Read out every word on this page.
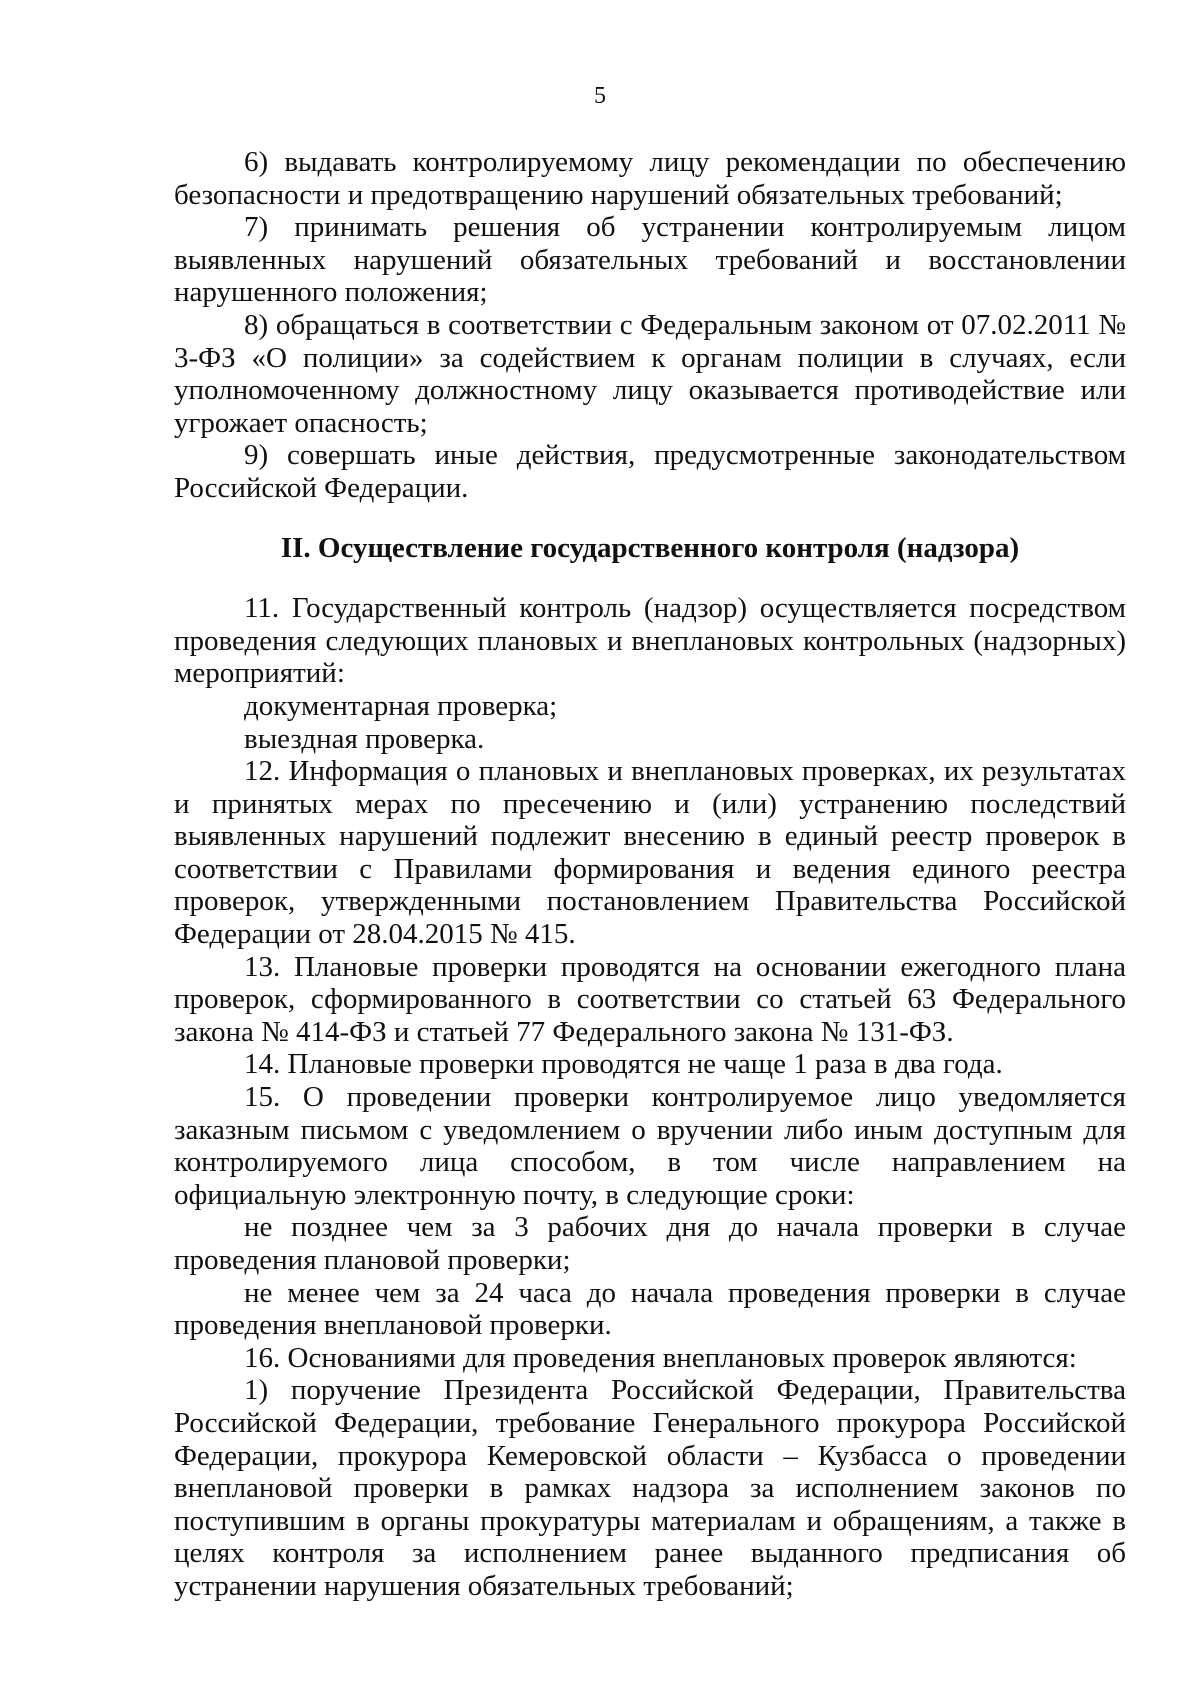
5

6) выдавать контролируемому лицу рекомендации по обеспечению безопасности и предотвращению нарушений обязательных требований;

7) принимать решения об устранении контролируемым лицом выявленных нарушений обязательных требований и восстановлении нарушенного положения;

8) обращаться в соответствии с Федеральным законом от 07.02.2011 № 3-ФЗ «О полиции» за содействием к органам полиции в случаях, если уполномоченному должностному лицу оказывается противодействие или угрожает опасность;

9) совершать иные действия, предусмотренные законодательством Российской Федерации.

II. Осуществление государственного контроля (надзора)

11. Государственный контроль (надзор) осуществляется посредством проведения следующих плановых и внеплановых контрольных (надзорных) мероприятий:

документарная проверка;

выездная проверка.

12. Информация о плановых и внеплановых проверках, их результатах и принятых мерах по пресечению и (или) устранению последствий выявленных нарушений подлежит внесению в единый реестр проверок в соответствии с Правилами формирования и ведения единого реестра проверок, утвержденными постановлением Правительства Российской Федерации от 28.04.2015 № 415.

13. Плановые проверки проводятся на основании ежегодного плана проверок, сформированного в соответствии со статьей 63 Федерального закона № 414-ФЗ и статьей 77 Федерального закона № 131-ФЗ.

14. Плановые проверки проводятся не чаще 1 раза в два года.

15. О проведении проверки контролируемое лицо уведомляется заказным письмом с уведомлением о вручении либо иным доступным для контролируемого лица способом, в том числе направлением на официальную электронную почту, в следующие сроки:

не позднее чем за 3 рабочих дня до начала проверки в случае проведения плановой проверки;

не менее чем за 24 часа до начала проведения проверки в случае проведения внеплановой проверки.

16. Основаниями для проведения внеплановых проверок являются:

1) поручение Президента Российской Федерации, Правительства Российской Федерации, требование Генерального прокурора Российской Федерации, прокурора Кемеровской области – Кузбасса о проведении внеплановой проверки в рамках надзора за исполнением законов по поступившим в органы прокуратуры материалам и обращениям, а также в целях контроля за исполнением ранее выданного предписания об устранении нарушения обязательных требований;
